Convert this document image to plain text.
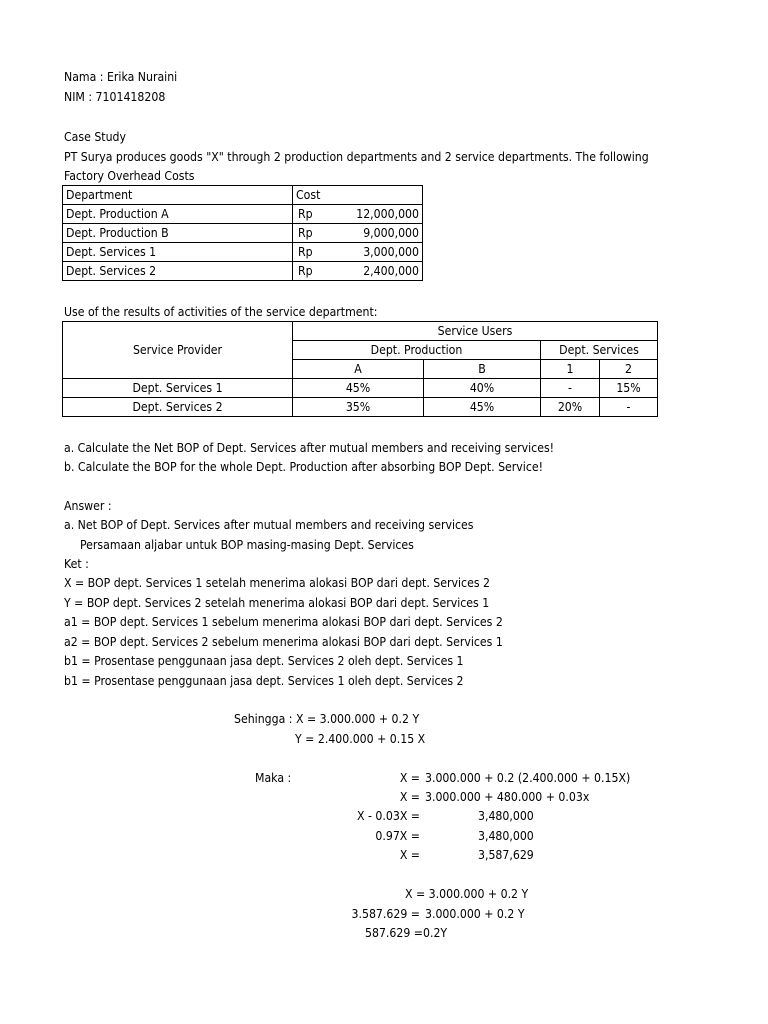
Nama : Erika Nuraini
NIM : 7101418208
Case Study
PT Surya produces goods "X" through 2 production departments and 2 service departments. The following
Factory Overhead Costs
Department	Cost	
Dept. Production A	Rp	12,000,000
Dept. Production B	Rp	9,000,000
Dept. Services 1	Rp	3,000,000
Dept. Services 2	Rp	2,400,000
Use of the results of activities of the service department:
Service Provider	Service Users			
	Dept. Production		Dept. Services	
	A	B	1	2
Dept. Services 1	45%	40%	-	15%
Dept. Services 2	35%	45%	20%	-
a. Calculate the Net BOP of Dept. Services after mutual members and receiving services!
b. Calculate the BOP for the whole Dept. Production after absorbing BOP Dept. Service!
Answer :
a. Net BOP of Dept. Services after mutual members and receiving services
Persamaan aljabar untuk BOP masing-masing Dept. Services
Ket :
X = BOP dept. Services 1 setelah menerima alokasi BOP dari dept. Services 2
Y = BOP dept. Services 2 setelah menerima alokasi BOP dari dept. Services 1
a1 = BOP dept. Services 1 sebelum menerima alokasi BOP dari dept. Services 2
a2 = BOP dept. Services 2 sebelum menerima alokasi BOP dari dept. Services 1
b1 = Prosentase penggunaan jasa dept. Services 2 oleh dept. Services 1
b1 = Prosentase penggunaan jasa dept. Services 1 oleh dept. Services 2
Sehingga : X = 3.000.000 + 0.2 Y
Y = 2.400.000 + 0.15 X
Maka :	X = 3.000.000 + 0.2 (2.400.000 + 0.15X)
X = 3.000.000 + 480.000 + 0.03x
X - 0.03X =	3,480,000
0.97X =	3,480,000
X =	3,587,629
X = 3.000.000 + 0.2 Y
3.587.629 = 3.000.000 + 0.2 Y
587.629 =0.2Y
